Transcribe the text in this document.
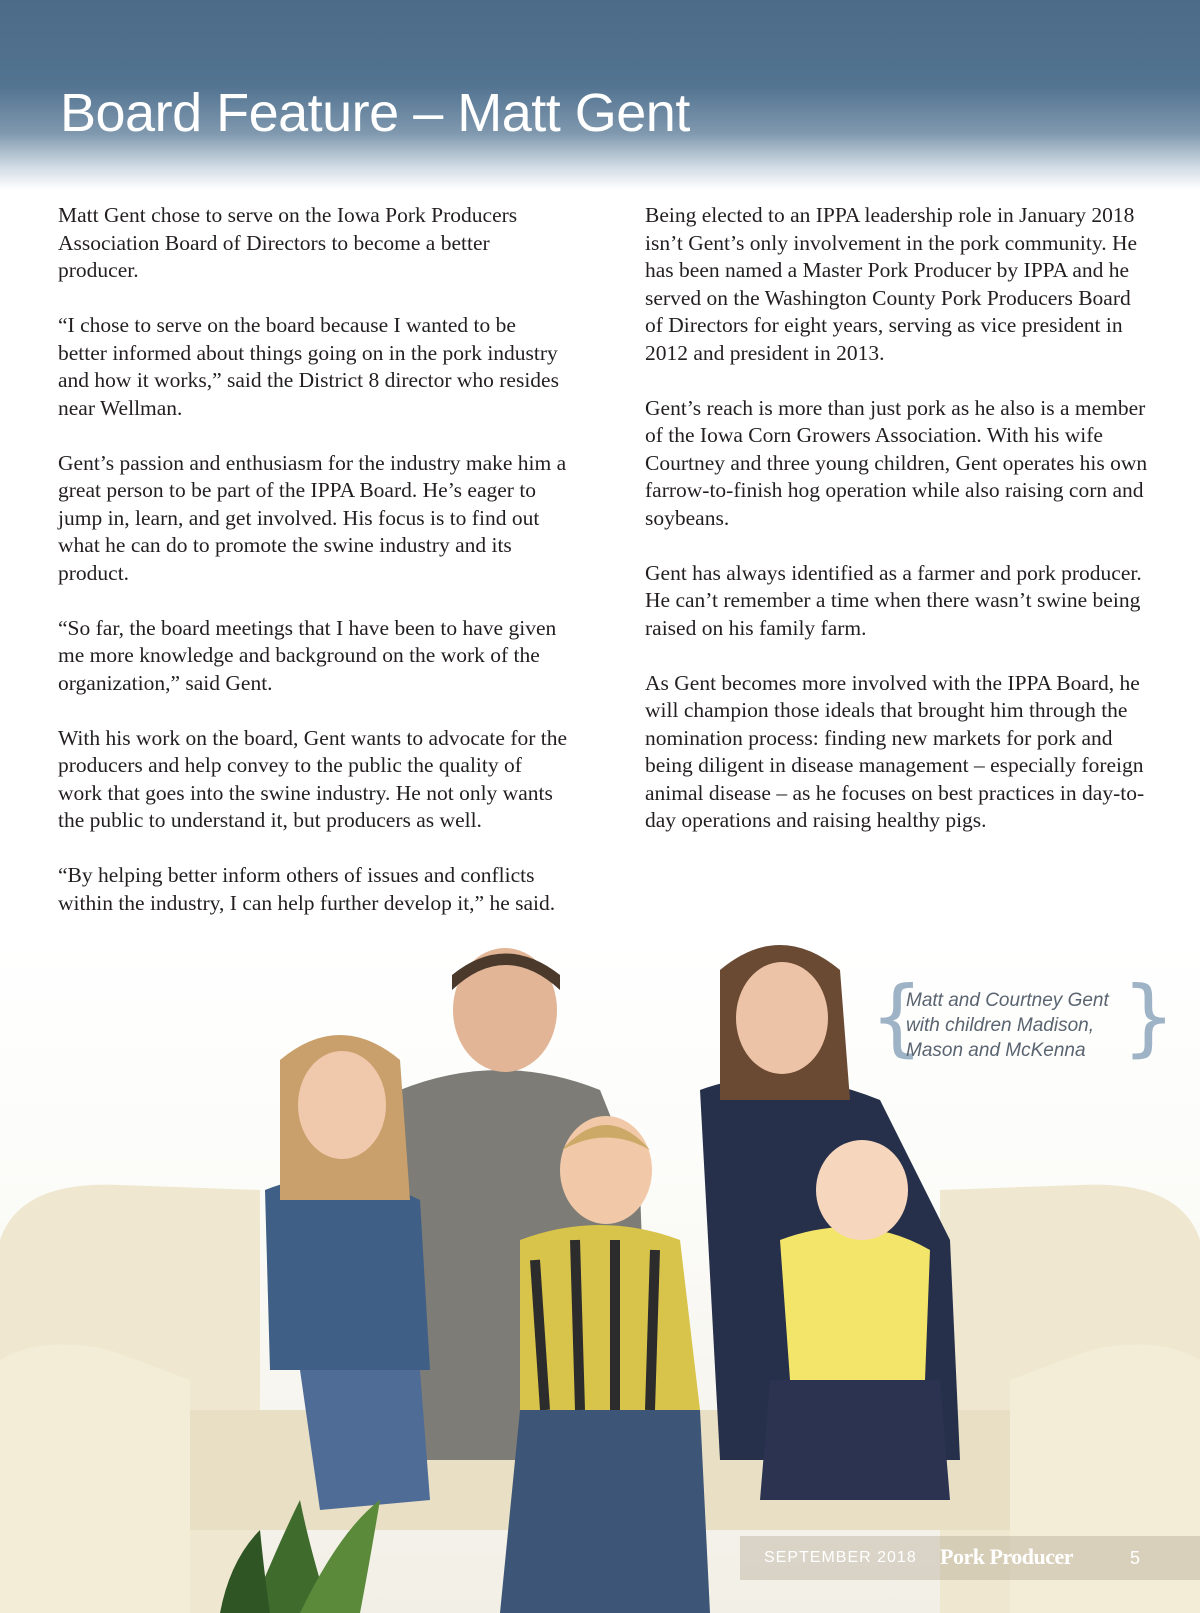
Board Feature – Matt Gent

Matt Gent chose to serve on the Iowa Pork Producers Association Board of Directors to become a better producer.

“I chose to serve on the board because I wanted to be better informed about things going on in the pork industry and how it works,” said the District 8 director who resides near Wellman.

Gent’s passion and enthusiasm for the industry make him a great person to be part of the IPPA Board. He’s eager to jump in, learn, and get involved. His focus is to find out what he can do to promote the swine industry and its product.

“So far, the board meetings that I have been to have given me more knowledge and background on the work of the organization,” said Gent.

With his work on the board, Gent wants to advocate for the producers and help convey to the public the quality of work that goes into the swine industry. He not only wants the public to understand it, but producers as well.

“By helping better inform others of issues and conflicts within the industry, I can help further develop it,” he said.

Being elected to an IPPA leadership role in January 2018 isn’t Gent’s only involvement in the pork community. He has been named a Master Pork Producer by IPPA and he served on the Washington County Pork Producers Board of Directors for eight years, serving as vice president in 2012 and president in 2013.

Gent’s reach is more than just pork as he also is a member of the Iowa Corn Growers Association. With his wife Courtney and three young children, Gent operates his own farrow-to-finish hog operation while also raising corn and soybeans.

Gent has always identified as a farmer and pork producer. He can’t remember a time when there wasn’t swine being raised on his family farm.

As Gent becomes more involved with the IPPA Board, he will champion those ideals that brought him through the nomination process: finding new markets for pork and being diligent in disease management – especially foreign animal disease – as he focuses on best practices in day-to-day operations and raising healthy pigs.

{
Matt and Courtney Gent
with children Madison,
Mason and McKenna }
SEPTEMBER 2018 Pork Producer	5
